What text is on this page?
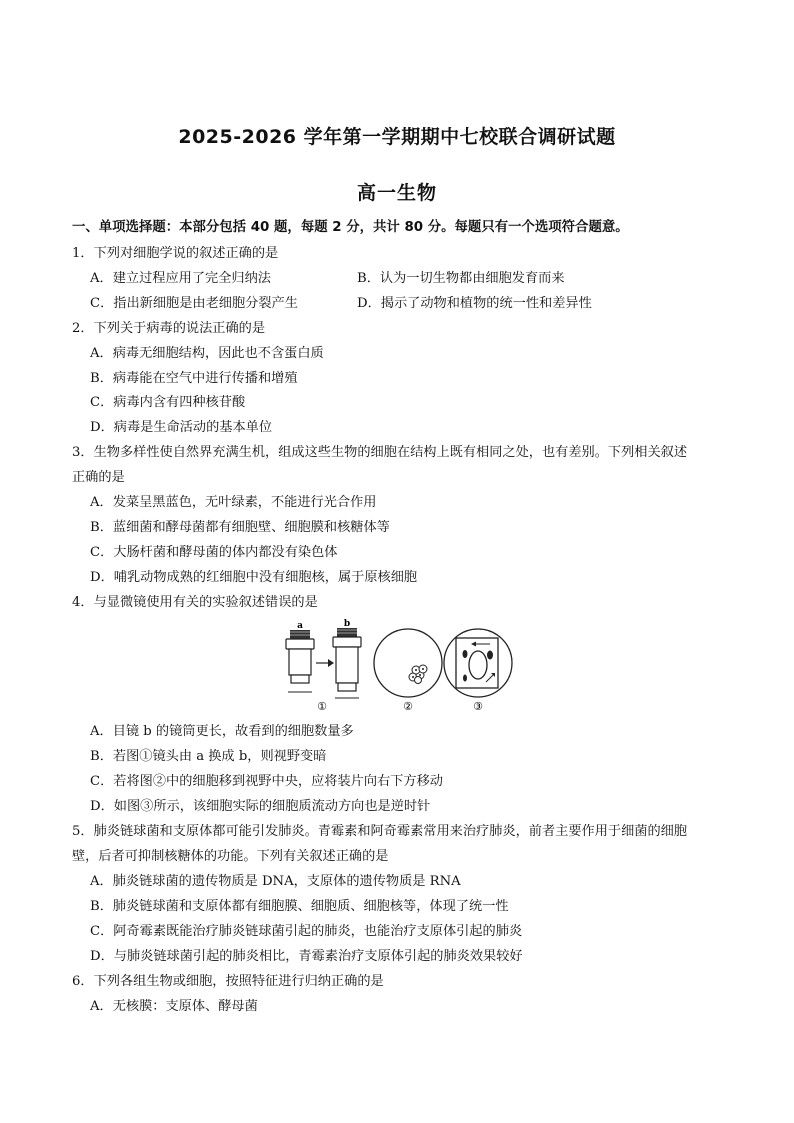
2025-2026 学年第一学期期中七校联合调研试题
高一生物
一、单项选择题：本部分包括 40 题，每题 2 分，共计 80 分。每题只有一个选项符合题意。
1．下列对细胞学说的叙述正确的是
A．建立过程应用了完全归纳法	B．认为一切生物都由细胞发育而来
C．指出新细胞是由老细胞分裂产生	D．揭示了动物和植物的统一性和差异性
2．下列关于病毒的说法正确的是
A．病毒无细胞结构，因此也不含蛋白质
B．病毒能在空气中进行传播和增殖
C．病毒内含有四种核苷酸
D．病毒是生命活动的基本单位
3．生物多样性使自然界充满生机，组成这些生物的细胞在结构上既有相同之处，也有差别。下列相关叙述
正确的是
A．发菜呈黑蓝色，无叶绿素，不能进行光合作用
B．蓝细菌和酵母菌都有细胞壁、细胞膜和核糖体等
C．大肠杆菌和酵母菌的体内都没有染色体
D．哺乳动物成熟的红细胞中没有细胞核，属于原核细胞
4．与显微镜使用有关的实验叙述错误的是
a	b
①	②	③
A．目镜 b 的镜筒更长，故看到的细胞数量多
B．若图①镜头由 a 换成 b，则视野变暗
C．若将图②中的细胞移到视野中央，应将装片向右下方移动
D．如图③所示，该细胞实际的细胞质流动方向也是逆时针
5．肺炎链球菌和支原体都可能引发肺炎。青霉素和阿奇霉素常用来治疗肺炎，前者主要作用于细菌的细胞
壁，后者可抑制核糖体的功能。下列有关叙述正确的是
A．肺炎链球菌的遗传物质是 DNA，支原体的遗传物质是 RNA
B．肺炎链球菌和支原体都有细胞膜、细胞质、细胞核等，体现了统一性
C．阿奇霉素既能治疗肺炎链球菌引起的肺炎，也能治疗支原体引起的肺炎
D．与肺炎链球菌引起的肺炎相比，青霉素治疗支原体引起的肺炎效果较好
6．下列各组生物或细胞，按照特征进行归纳正确的是
A．无核膜：支原体、酵母菌
